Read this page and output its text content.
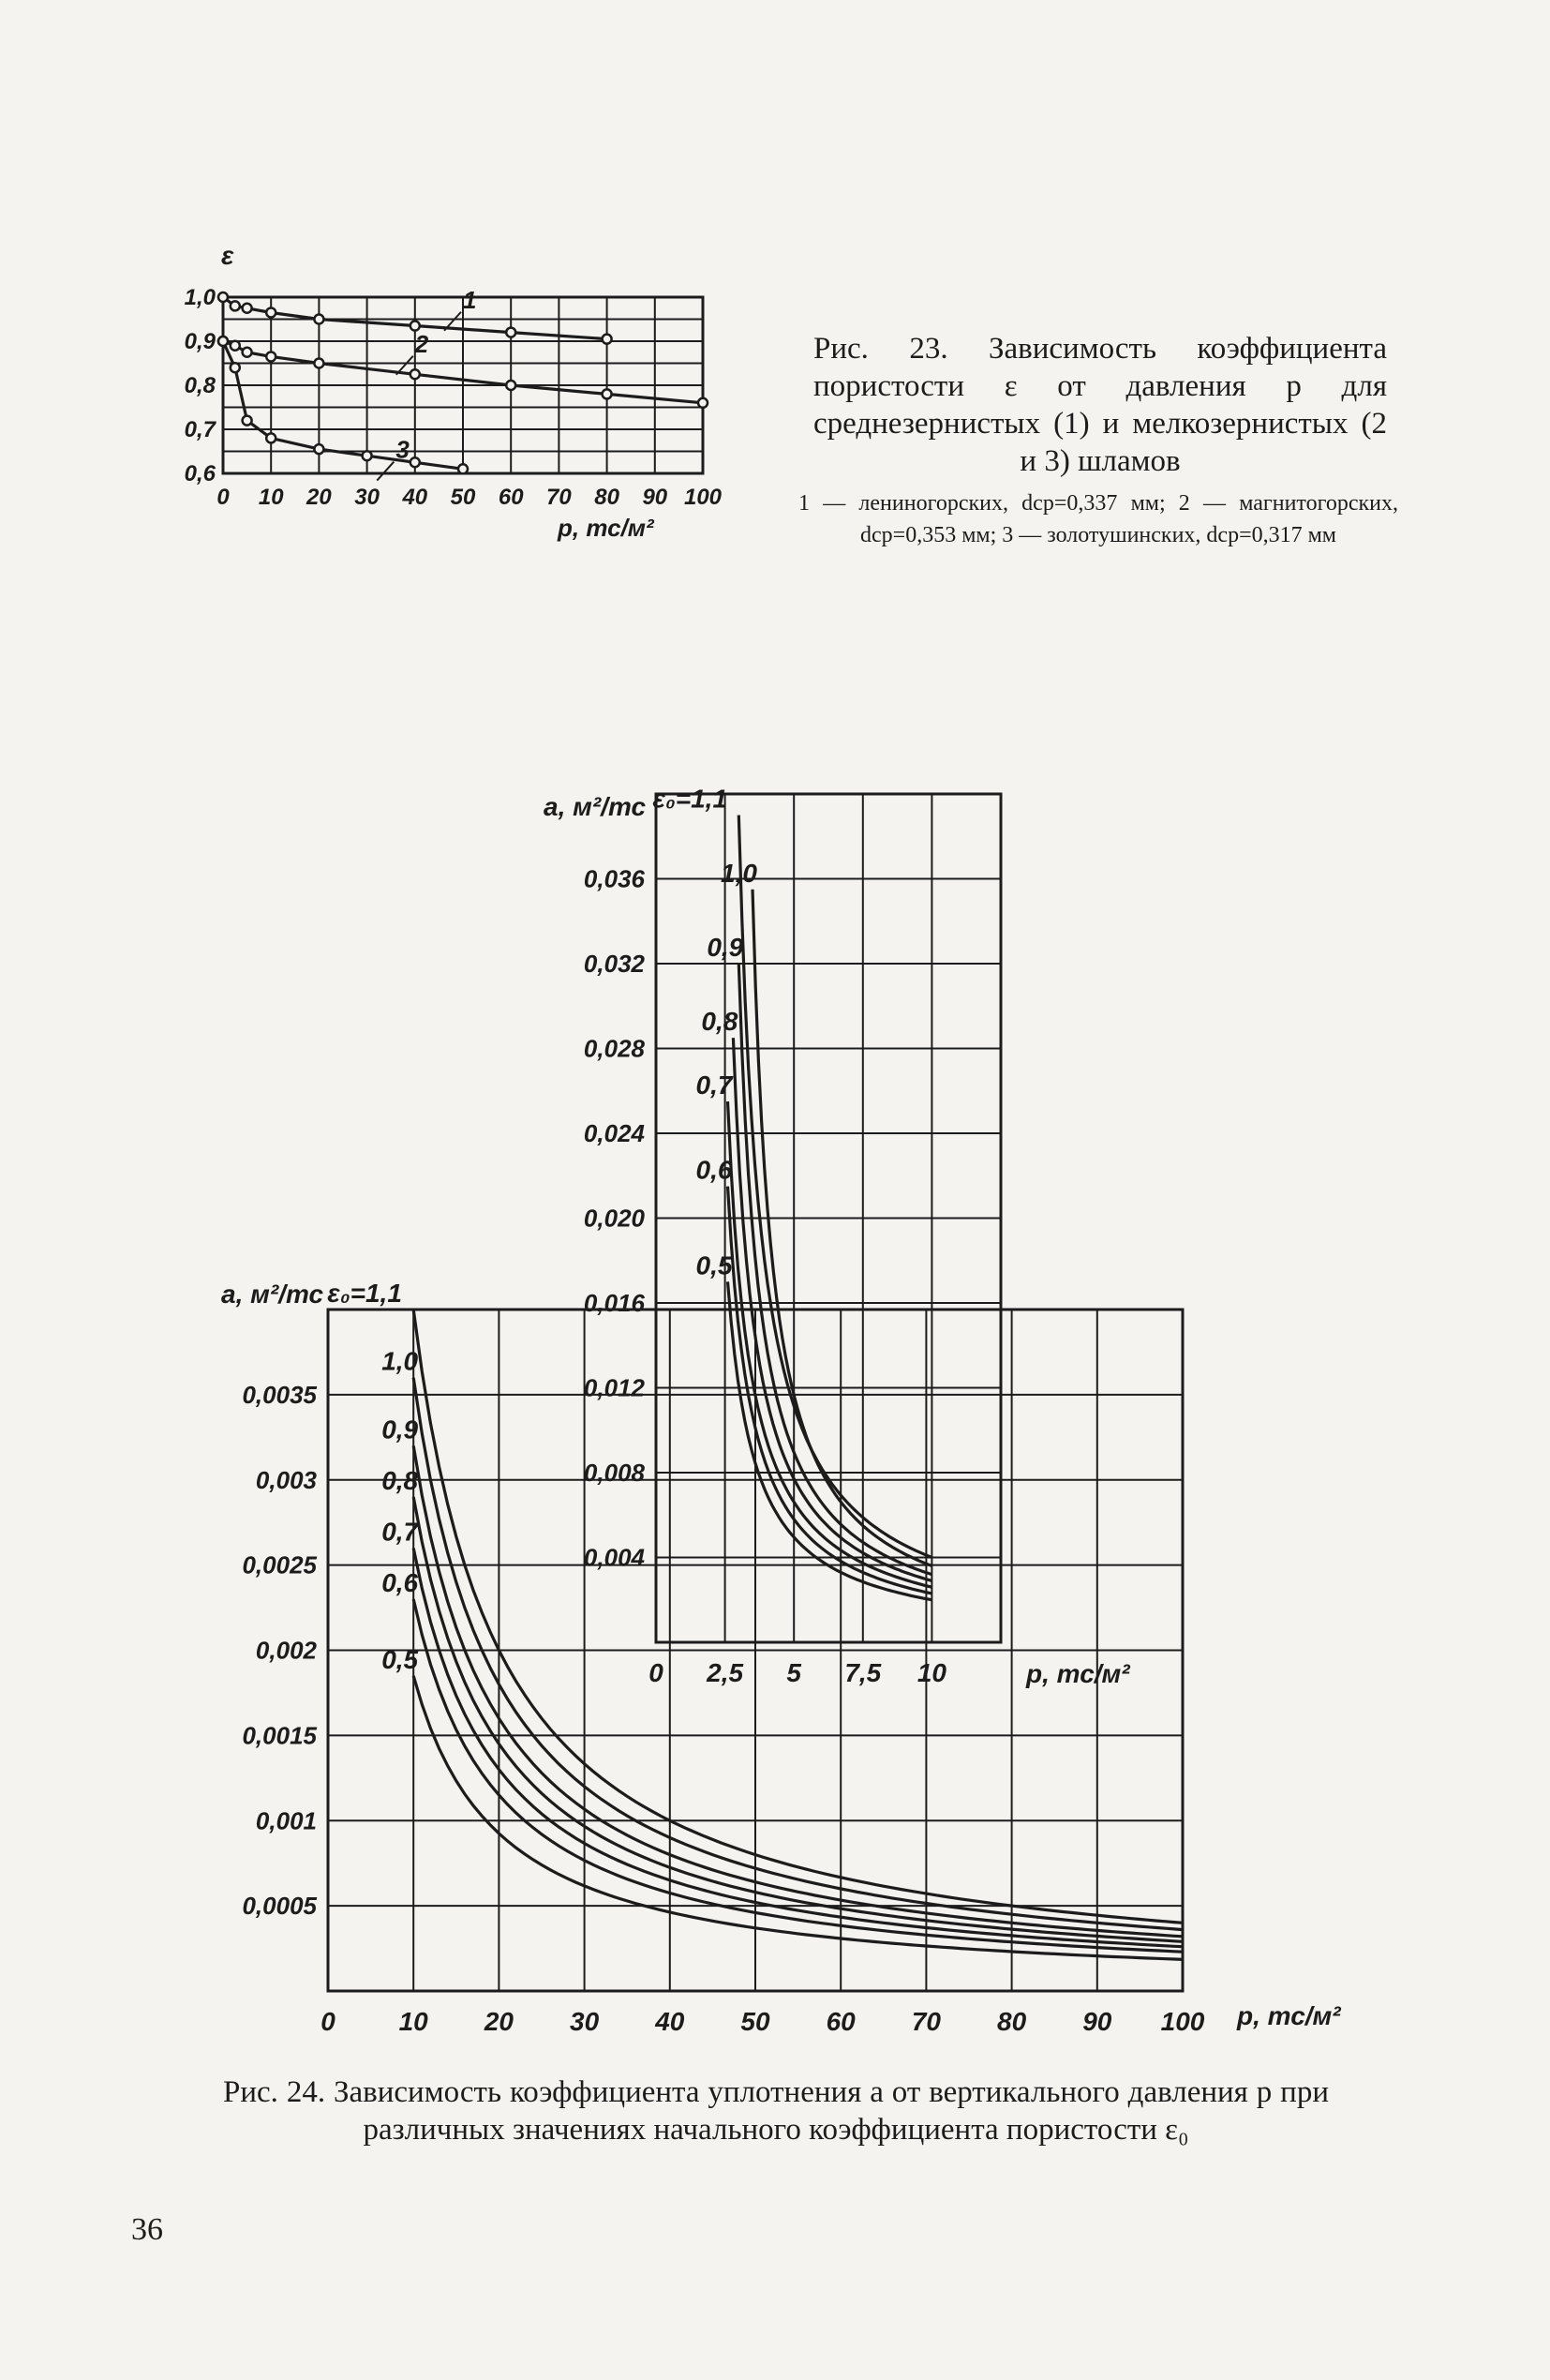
1
2
3
0 10 20 30 40 50 60 70 80 90 100
1,0
0,9
0,8
0,7
0,6
ε
p, тс/м²
Рис. 23. Зависимость коэффициента пористости ε от давления p для среднезернистых (1) и мелкозернистых (2 и 3) шламов
1 — лениногорских, dср=0,337 мм; 2 — магнитогорских, dср=0,353 мм; 3 — золотушинских, dср=0,317 мм
ε₀=1,1
1,0
0,9
0,8
0,7
0,6
0,5
0 2,5 5 7,5 10
0,036
0,032
0,028
0,024
0,020
0,016
0,012
0,008
0,004
a, м²/тс
p, тс/м²
ε₀=1,1
1,0
0,9
0,8
0,7
0,6
0,5
0 10 20 30 40 50 60 70 80 90 100
0,0035
0,003
0,0025
0,002
0,0015
0,001
0,0005
a, м²/тс
p, тс/м²
Рис. 24. Зависимость коэффициента уплотнения a от вертикального давления p при различных значениях начального коэффициента пористости ε₀
36
